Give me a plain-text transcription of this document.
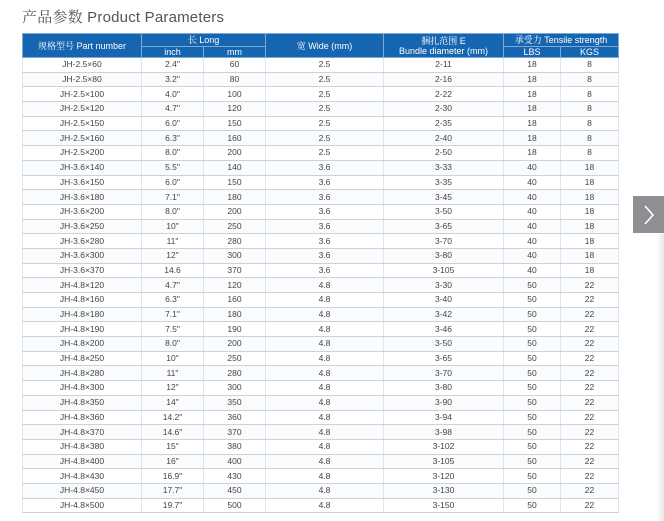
产品参数 Product Parameters
规格型号 Part number	长 Long		宽 Wide (mm)	捆扎范围 E
Bundle diameter (mm)	承受力 Tensile strength	
	inch	mm			LBS	KGS
JH-2.5×60	2.4"	60	2.5	2-11	18	8
JH-2.5×80	3.2"	80	2.5	2-16	18	8
JH-2.5×100	4.0"	100	2.5	2-22	18	8
JH-2.5×120	4.7"	120	2.5	2-30	18	8
JH-2.5×150	6.0"	150	2.5	2-35	18	8
JH-2.5×160	6.3"	160	2.5	2-40	18	8
JH-2.5×200	8.0"	200	2.5	2-50	18	8
JH-3.6×140	5.5"	140	3.6	3-33	40	18
JH-3.6×150	6.0"	150	3.6	3-35	40	18
JH-3.6×180	7.1"	180	3.6	3-45	40	18
JH-3.6×200	8.0"	200	3.6	3-50	40	18
JH-3.6×250	10"	250	3.6	3-65	40	18
JH-3.6×280	11"	280	3.6	3-70	40	18
JH-3.6×300	12"	300	3.6	3-80	40	18
JH-3.6×370	14.6	370	3.6	3-105	40	18
JH-4.8×120	4.7"	120	4.8	3-30	50	22
JH-4.8×160	6.3"	160	4.8	3-40	50	22
JH-4.8×180	7.1"	180	4.8	3-42	50	22
JH-4.8×190	7.5"	190	4.8	3-46	50	22
JH-4.8×200	8.0"	200	4.8	3-50	50	22
JH-4.8×250	10"	250	4.8	3-65	50	22
JH-4.8×280	11"	280	4.8	3-70	50	22
JH-4.8×300	12"	300	4.8	3-80	50	22
JH-4.8×350	14"	350	4.8	3-90	50	22
JH-4.8×360	14.2"	360	4.8	3-94	50	22
JH-4.8×370	14.6"	370	4.8	3-98	50	22
JH-4.8×380	15"	380	4.8	3-102	50	22
JH-4.8×400	16"	400	4.8	3-105	50	22
JH-4.8×430	16.9"	430	4.8	3-120	50	22
JH-4.8×450	17.7"	450	4.8	3-130	50	22
JH-4.8×500	19.7"	500	4.8	3-150	50	22
